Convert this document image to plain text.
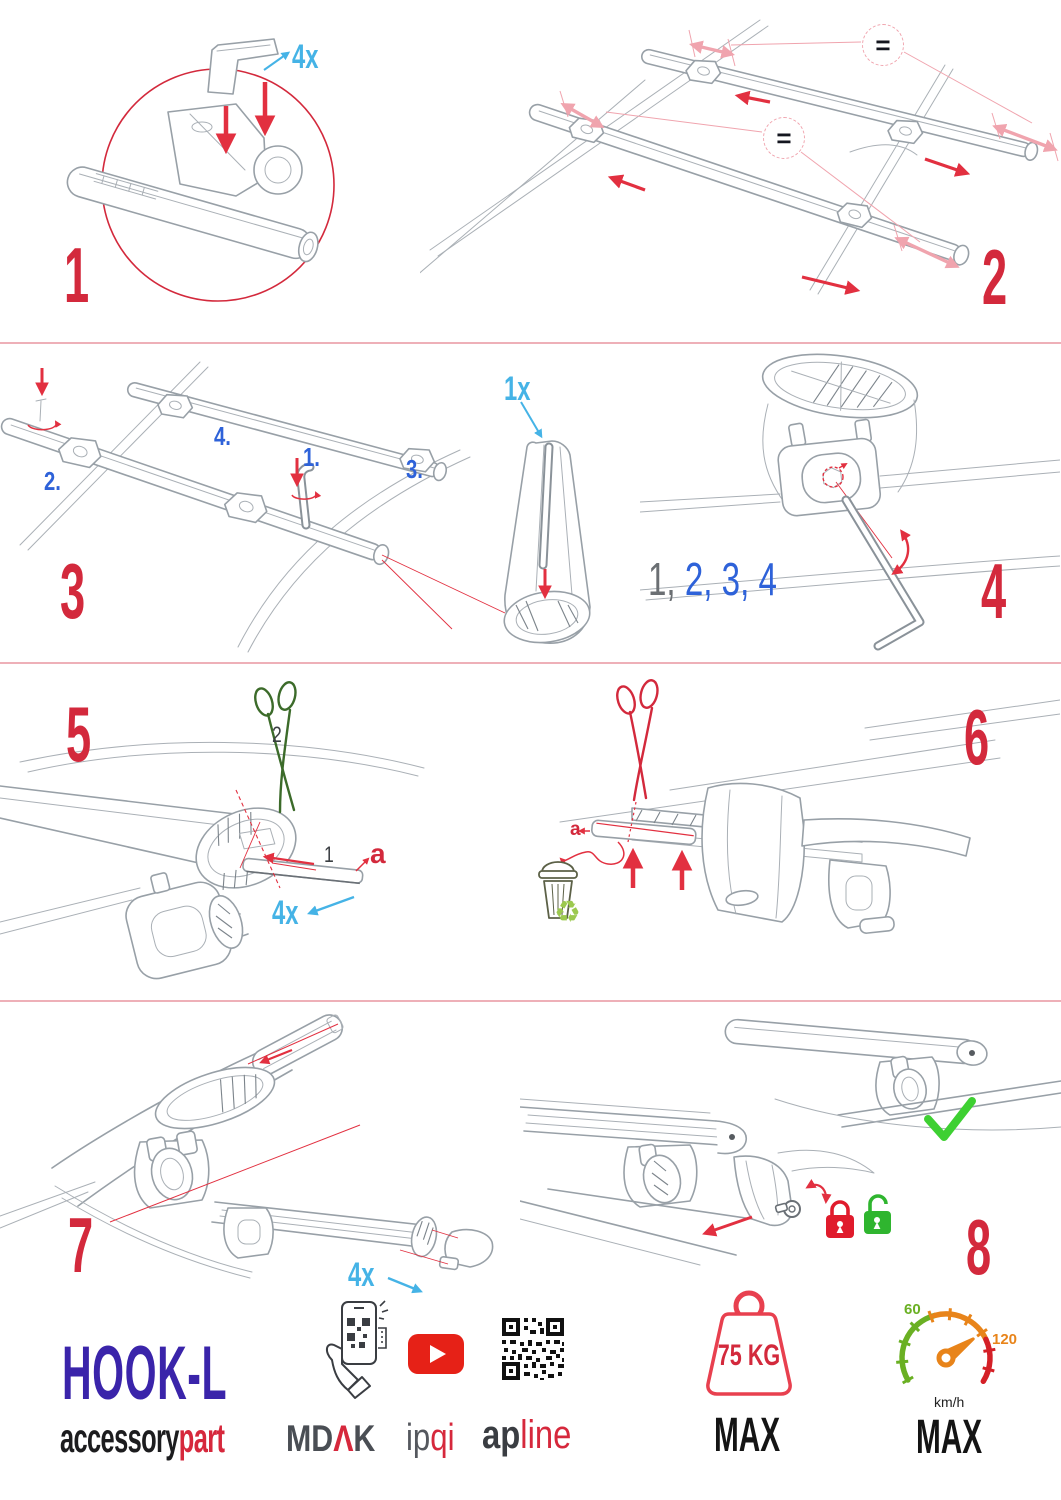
4x
1
=
=
2
1.
2.	3.
4.
1x
3	1, 2, 3, 4	4
2
1 a
4x
5
♻
a
6
4x
7	8
HOOK-L
accessorypart	MDΛK ipqi apline
75 KG
MAX
60
120
km/h
MAX
